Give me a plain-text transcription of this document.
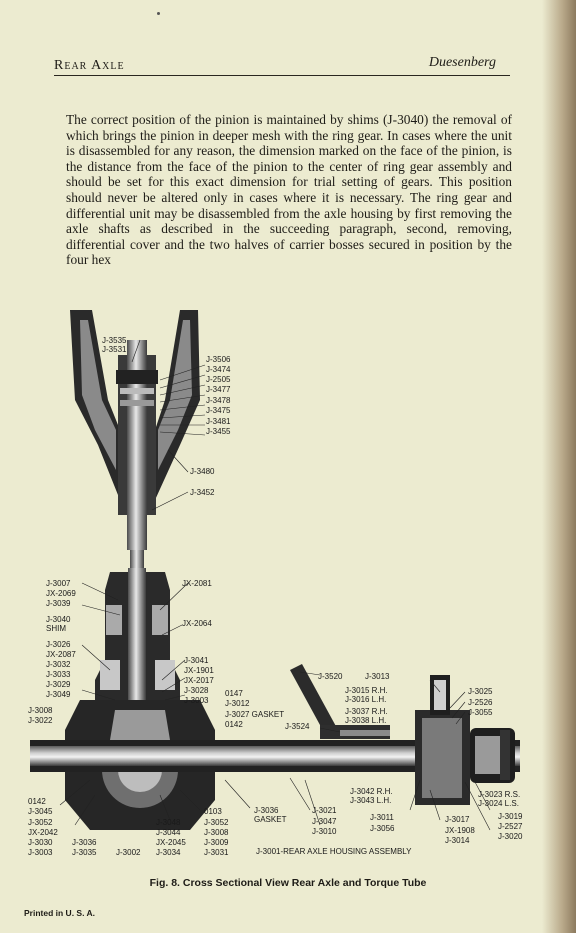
Rear Axle	Duesenberg

The correct position of the pinion is maintained by shims (J-3040) the removal of which brings the pinion in deeper mesh with the ring gear. In cases where the unit is disassembled for any reason, the dimension marked on the face of the pinion, is the distance from the face of the pinion to the center of ring gear assembly and should be set for this exact dimension for trial setting of gears. This position should never be altered only in cases where it is necessary. The ring gear and differential unit may be disassembled from the axle housing by first removing the axle shafts as described in the succeeding paragraph, second, removing, differential cover and the two halves of carrier bosses secured in position by the four hex

J-3535
J-3531
J-3506
J-3474
J-2505
J-3477
J-3478
J-3475
J-3481
J-3455
J-3480
J-3452
J-3007
JX-2069
J-3039
J-3040
SHIM
JX-2081
JX-2064
J-3026
JX-2087
J-3032
J-3033
J-3029
J-3049
J-3008
J-3022
J-3041
JX-1901
JX-2017
J-3028
J-3003
0147
J-3012
J-3027 GASKET
0142
J-3520	J-3013
J-3015 R.H.
J-3016 L.H.
J-3037 R.H.
J-3038 L.H.
J-3524
J-3025
J-2526
J-3055
0142
J-3045
J-3052
JX-2042
J-3030
J-3003
J-3036
J-3035 J-3002
J-3048
J-3044
JX-2045
J-3034
0103
J-3052
J-3008
J-3009
J-3031
J-3036
GASKET
J-3021
J-3047
J-3010
J-3042 R.H.
J-3043 L.H.
J-3011
J-3056
J-3017
JX-1908
J-3014
J-3023 R.S.
J-3024 L.S.
J-3019
J-2527
J-3020
J-3001-REAR AXLE HOUSING ASSEMBLY
Fig. 8. Cross Sectional View Rear Axle and Torque Tube
Printed in U. S. A.
